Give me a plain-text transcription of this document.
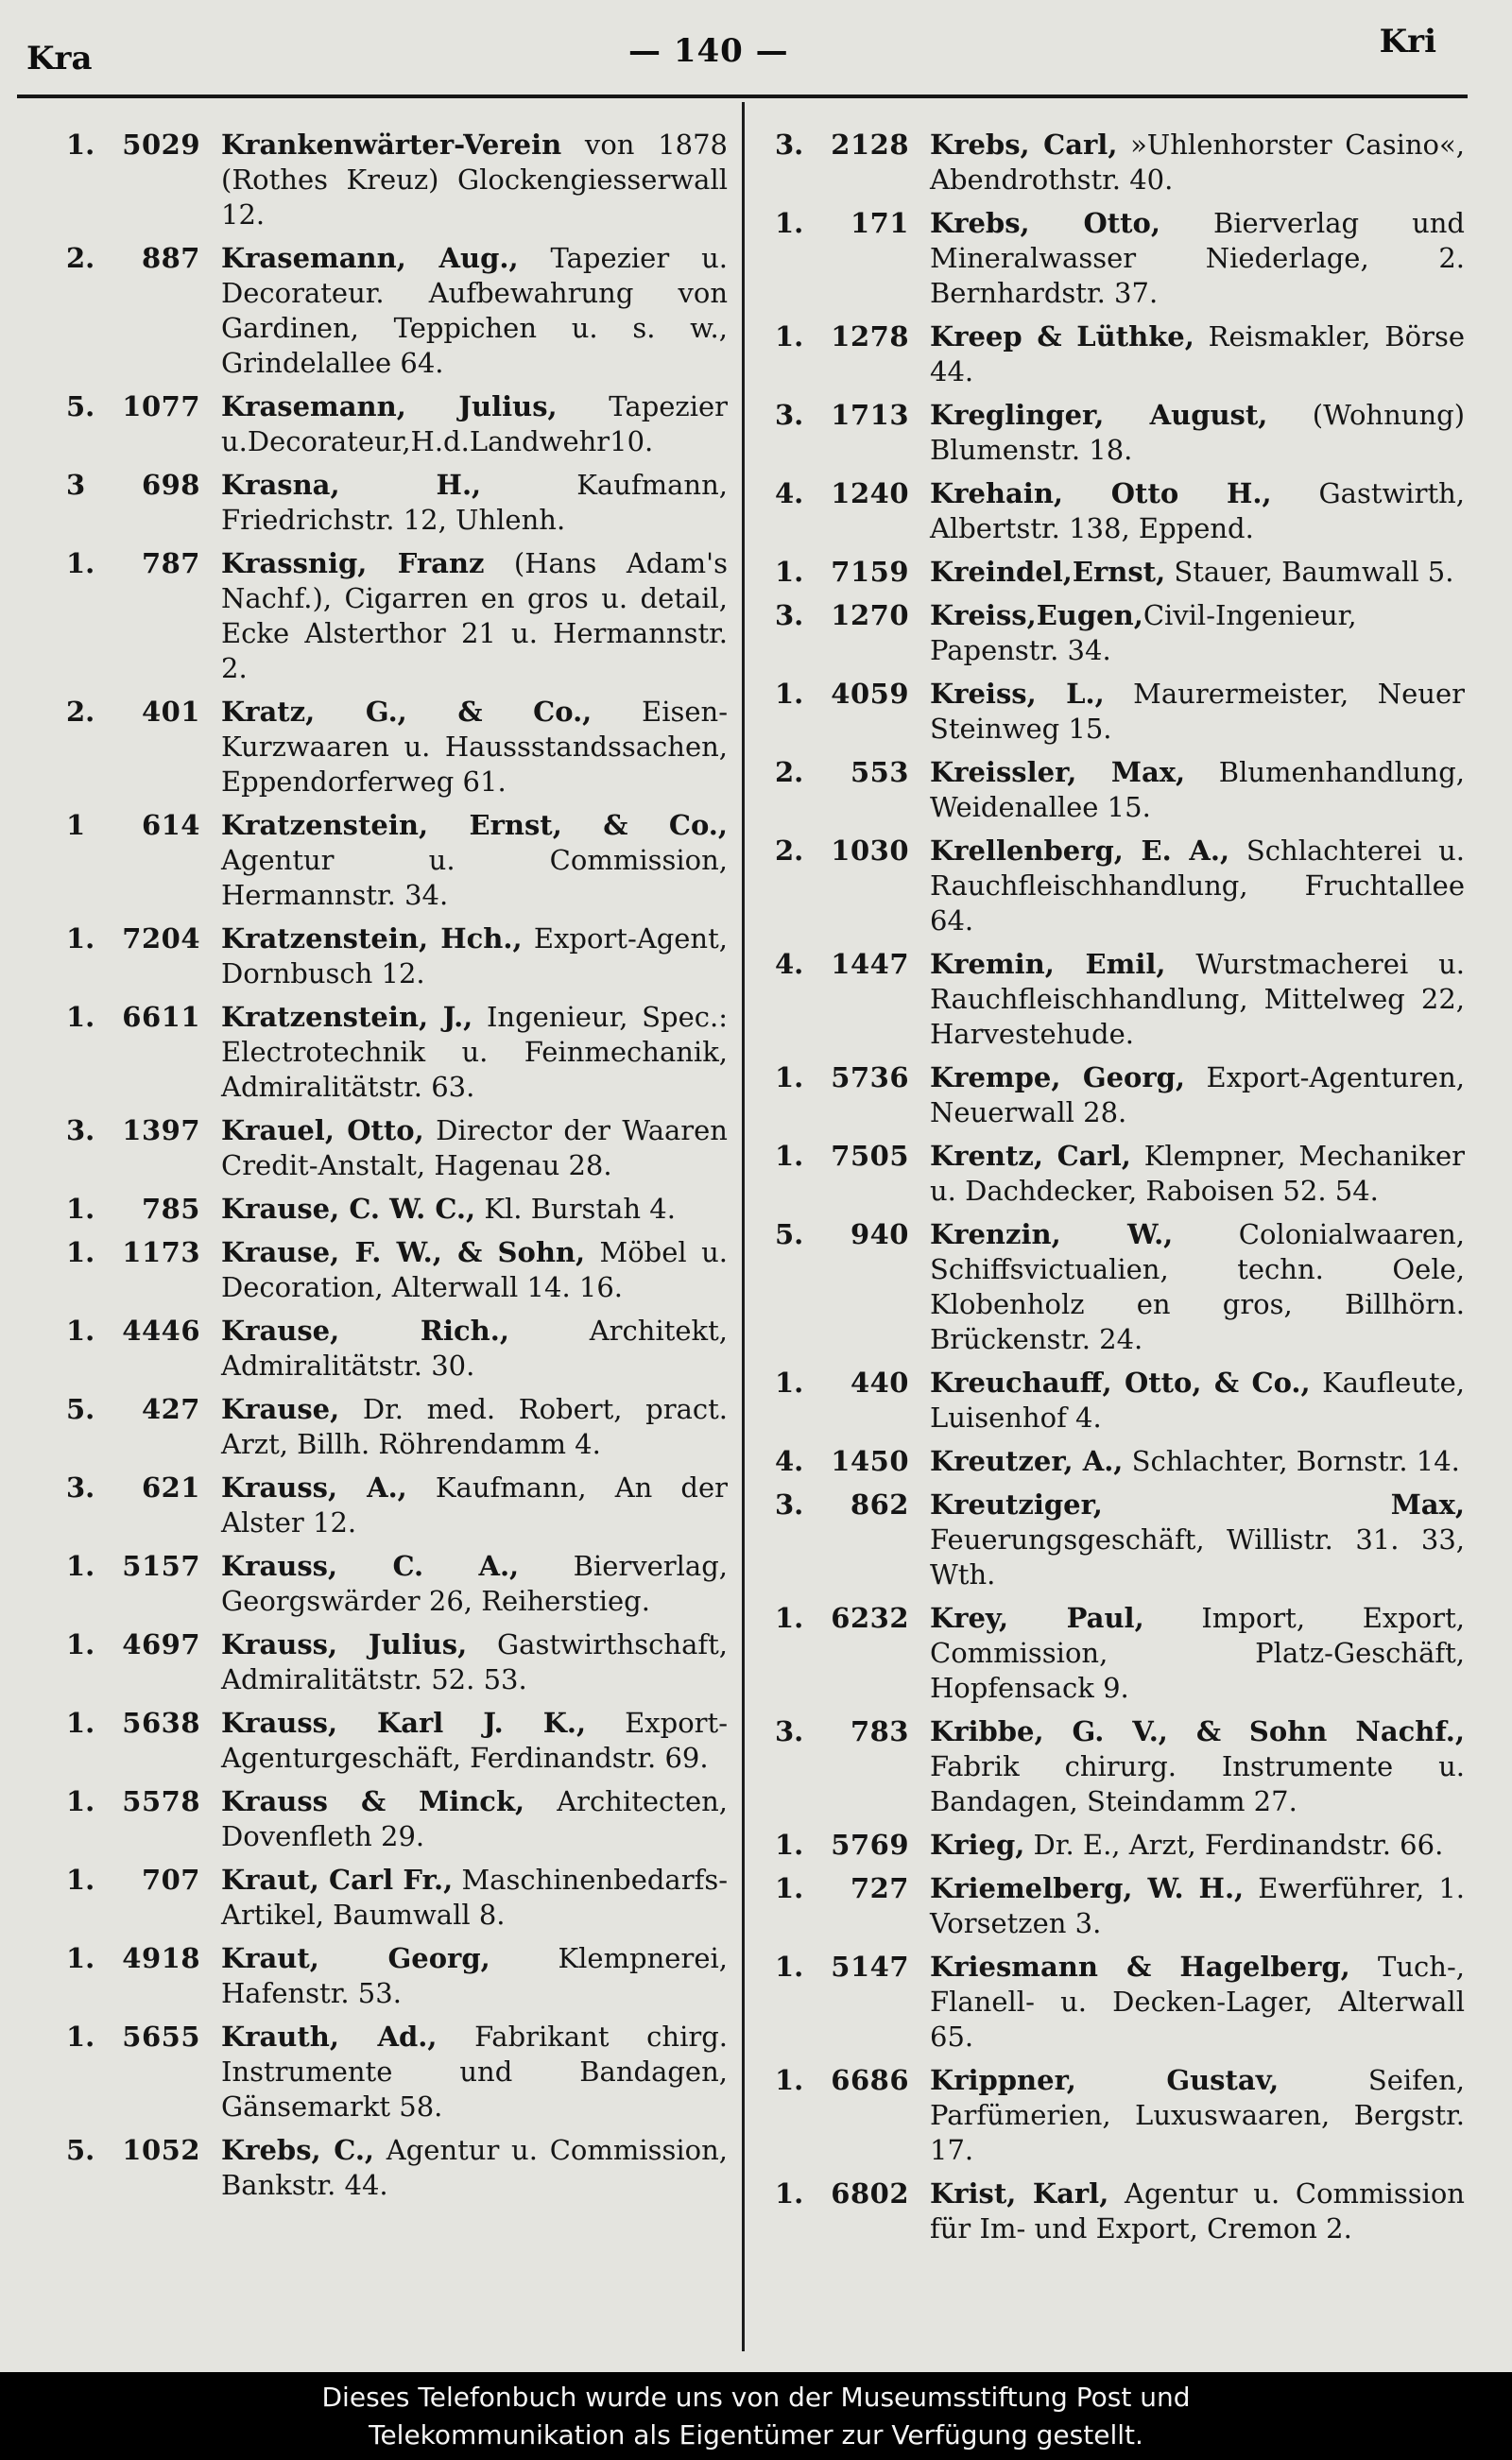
Kra	— 140 —	Kri
1.	5029 Krankenwärter-Verein von 1878 (Rothes Kreuz) Glockengiesserwall 12.
2.	887 Krasemann, Aug., Tapezier u. Decorateur. Aufbewahrung von Gardinen, Teppichen u. s. w., Grindelallee 64.
5.	1077 Krasemann, Julius, Tapezier u.Decorateur,H.d.Landwehr10.
3	698 Krasna, H., Kaufmann, Friedrichstr. 12, Uhlenh.
1.	787 Krassnig, Franz (Hans Adam's Nachf.), Cigarren en gros u. detail, Ecke Alsterthor 21 u. Hermannstr. 2.
2.	401 Kratz, G., & Co., Eisen-Kurzwaaren u. Haussstandssachen, Eppendorferweg 61.
1	614 Kratzenstein, Ernst, & Co., Agentur u. Commission, Hermannstr. 34.
1.	7204 Kratzenstein, Hch., Export-Agent, Dornbusch 12.
1.	6611 Kratzenstein, J., Ingenieur, Spec.: Electrotechnik u. Feinmechanik, Admiralitätstr. 63.
3.	1397 Krauel, Otto, Director der Waaren Credit-Anstalt, Hagenau 28.
1.	785 Krause, C. W. C., Kl. Burstah 4.
1.	1173 Krause, F. W., & Sohn, Möbel u. Decoration, Alterwall 14. 16.
1.	4446 Krause, Rich., Architekt, Admiralitätstr. 30.
5.	427 Krause, Dr. med. Robert, pract. Arzt, Billh. Röhrendamm 4.
3.	621 Krauss, A., Kaufmann, An der Alster 12.
1.	5157 Krauss, C. A., Bierverlag, Georgswärder 26, Reiherstieg.
1.	4697 Krauss, Julius, Gastwirthschaft, Admiralitätstr. 52. 53.
1.	5638 Krauss, Karl J. K., Export-Agenturgeschäft, Ferdinandstr. 69.
1.	5578 Krauss & Minck, Architecten, Dovenfleth 29.
1.	707 Kraut, Carl Fr., Maschinenbedarfs-Artikel, Baumwall 8.
1.	4918 Kraut, Georg, Klempnerei, Hafenstr. 53.
1.	5655 Krauth, Ad., Fabrikant chirg. Instrumente und Bandagen, Gänsemarkt 58.
5.	1052 Krebs, C., Agentur u. Commission, Bankstr. 44.
3.	2128 Krebs, Carl, »Uhlenhorster Casino«, Abendrothstr. 40.
1.	171 Krebs, Otto, Bierverlag und Mineralwasser Niederlage, 2. Bernhardstr. 37.
1.	1278 Kreep & Lüthke, Reismakler, Börse 44.
3.	1713 Kreglinger, August, (Wohnung) Blumenstr. 18.
4.	1240 Krehain, Otto H., Gastwirth, Albertstr. 138, Eppend.
1.	7159 Kreindel,Ernst, Stauer, Baumwall 5.
3.	1270 Kreiss,Eugen,Civil-Ingenieur, Papenstr. 34.
1.	4059 Kreiss, L., Maurermeister, Neuer Steinweg 15.
2.	553 Kreissler, Max, Blumenhandlung, Weidenallee 15.
2.	1030 Krellenberg, E. A., Schlachterei u. Rauchfleischhandlung, Fruchtallee 64.
4.	1447 Kremin, Emil, Wurstmacherei u. Rauchfleischhandlung, Mittelweg 22, Harvestehude.
1.	5736 Krempe, Georg, Export-Agenturen, Neuerwall 28.
1.	7505 Krentz, Carl, Klempner, Mechaniker u. Dachdecker, Raboisen 52. 54.
5.	940 Krenzin, W., Colonialwaaren, Schiffsvictualien, techn. Oele, Klobenholz en gros, Billhörn. Brückenstr. 24.
1.	440 Kreuchauff, Otto, & Co., Kaufleute, Luisenhof 4.
4.	1450 Kreutzer, A., Schlachter, Bornstr. 14.
3.	862 Kreutziger, Max, Feuerungsgeschäft, Willistr. 31. 33, Wth.
1.	6232 Krey, Paul, Import, Export, Commission, Platz-Geschäft, Hopfensack 9.
3.	783 Kribbe, G. V., & Sohn Nachf., Fabrik chirurg. Instrumente u. Bandagen, Steindamm 27.
1.	5769 Krieg, Dr. E., Arzt, Ferdinandstr. 66.
1.	727 Kriemelberg, W. H., Ewerführer, 1. Vorsetzen 3.
1.	5147 Kriesmann & Hagelberg, Tuch-, Flanell- u. Decken-Lager, Alterwall 65.
1.	6686 Krippner, Gustav, Seifen, Parfümerien, Luxuswaaren, Bergstr. 17.
1.	6802 Krist, Karl, Agentur u. Commission für Im- und Export, Cremon 2.
Dieses Telefonbuch wurde uns von der Museumsstiftung Post und
Telekommunikation als Eigentümer zur Verfügung gestellt.
